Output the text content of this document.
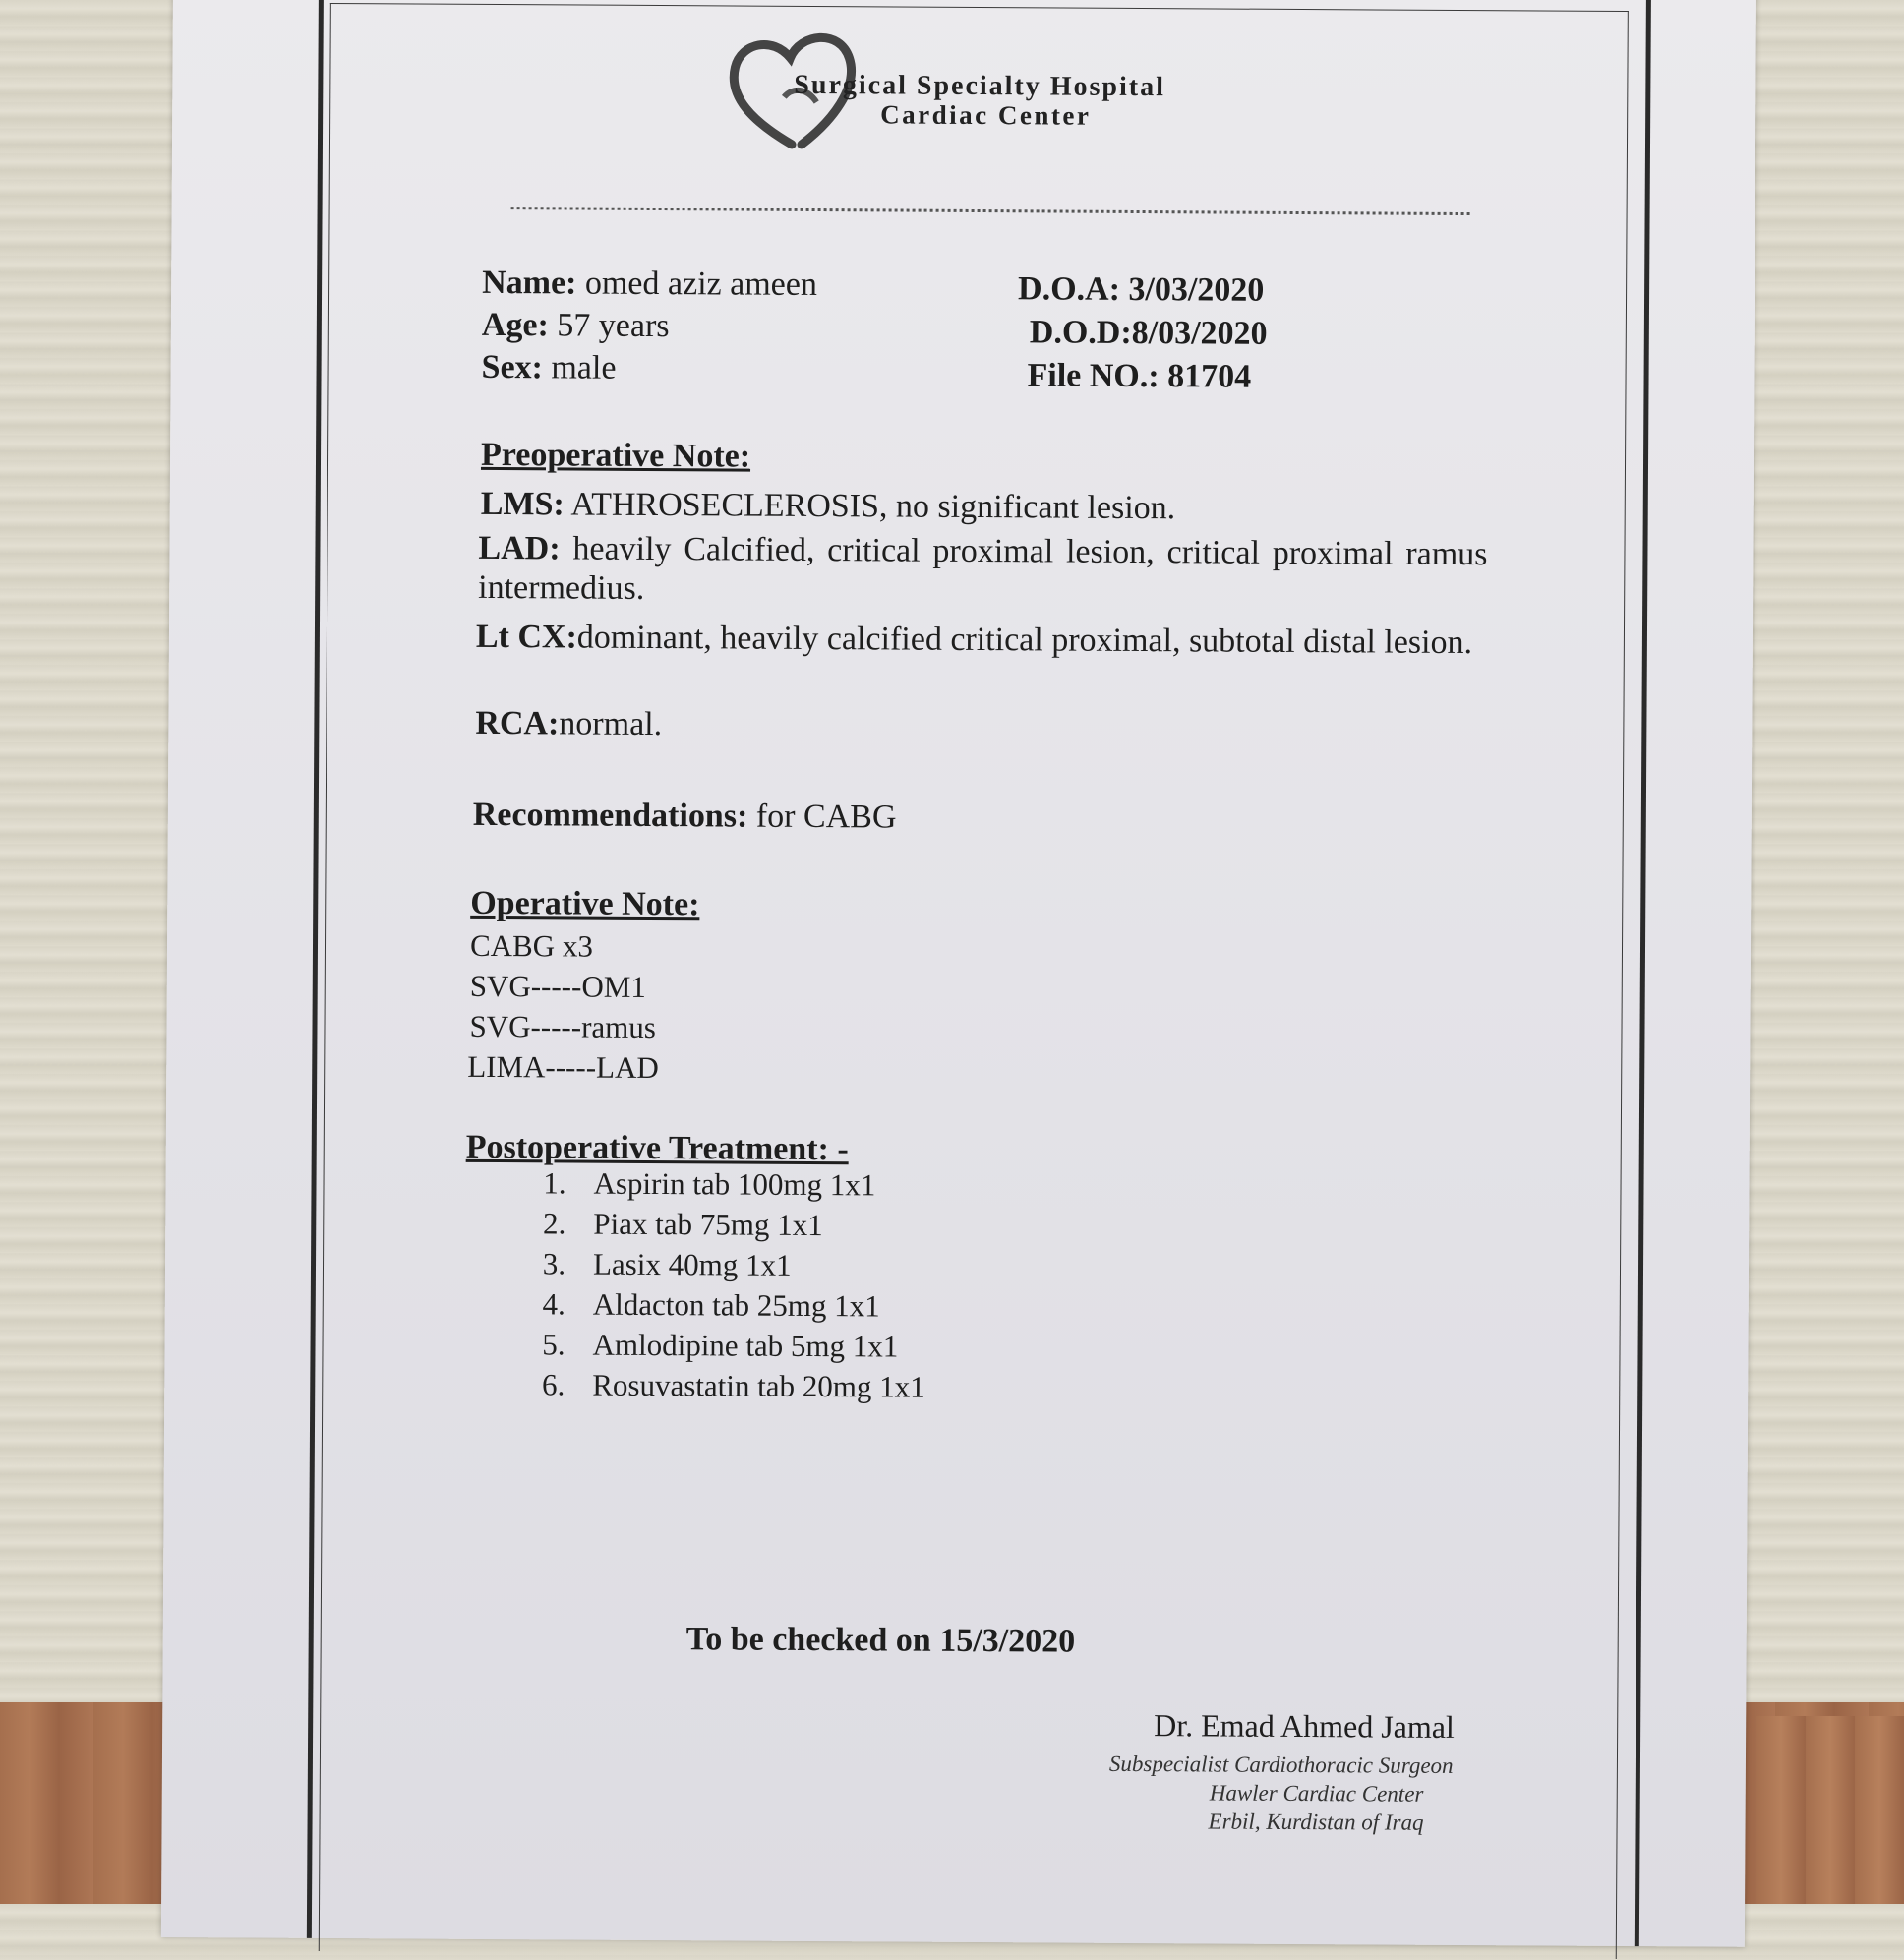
Surgical Specialty Hospital
Cardiac Center
Name: omed aziz ameen
Age: 57 years
Sex: male
D.O.A: 3/03/2020
D.O.D:8/03/2020
File NO.: 81704
Preoperative Note:
LMS: ATHROSECLEROSIS, no significant lesion.
LAD: heavily Calcified, critical proximal lesion, critical proximal ramus intermedius.
Lt CX:dominant, heavily calcified critical proximal, subtotal distal lesion.
RCA:normal.
Recommendations: for CABG
Operative Note:
CABG x3
SVG-----OM1
SVG-----ramus
LIMA-----LAD
Postoperative Treatment: -
1. Aspirin tab 100mg 1x1
2. Piax tab 75mg 1x1
3. Lasix 40mg 1x1
4. Aldacton tab 25mg 1x1
5. Amlodipine tab 5mg 1x1
6. Rosuvastatin tab 20mg 1x1
To be checked on 15/3/2020
Dr. Emad Ahmed Jamal
Subspecialist Cardiothoracic Surgeon
Hawler Cardiac Center
Erbil, Kurdistan of Iraq
